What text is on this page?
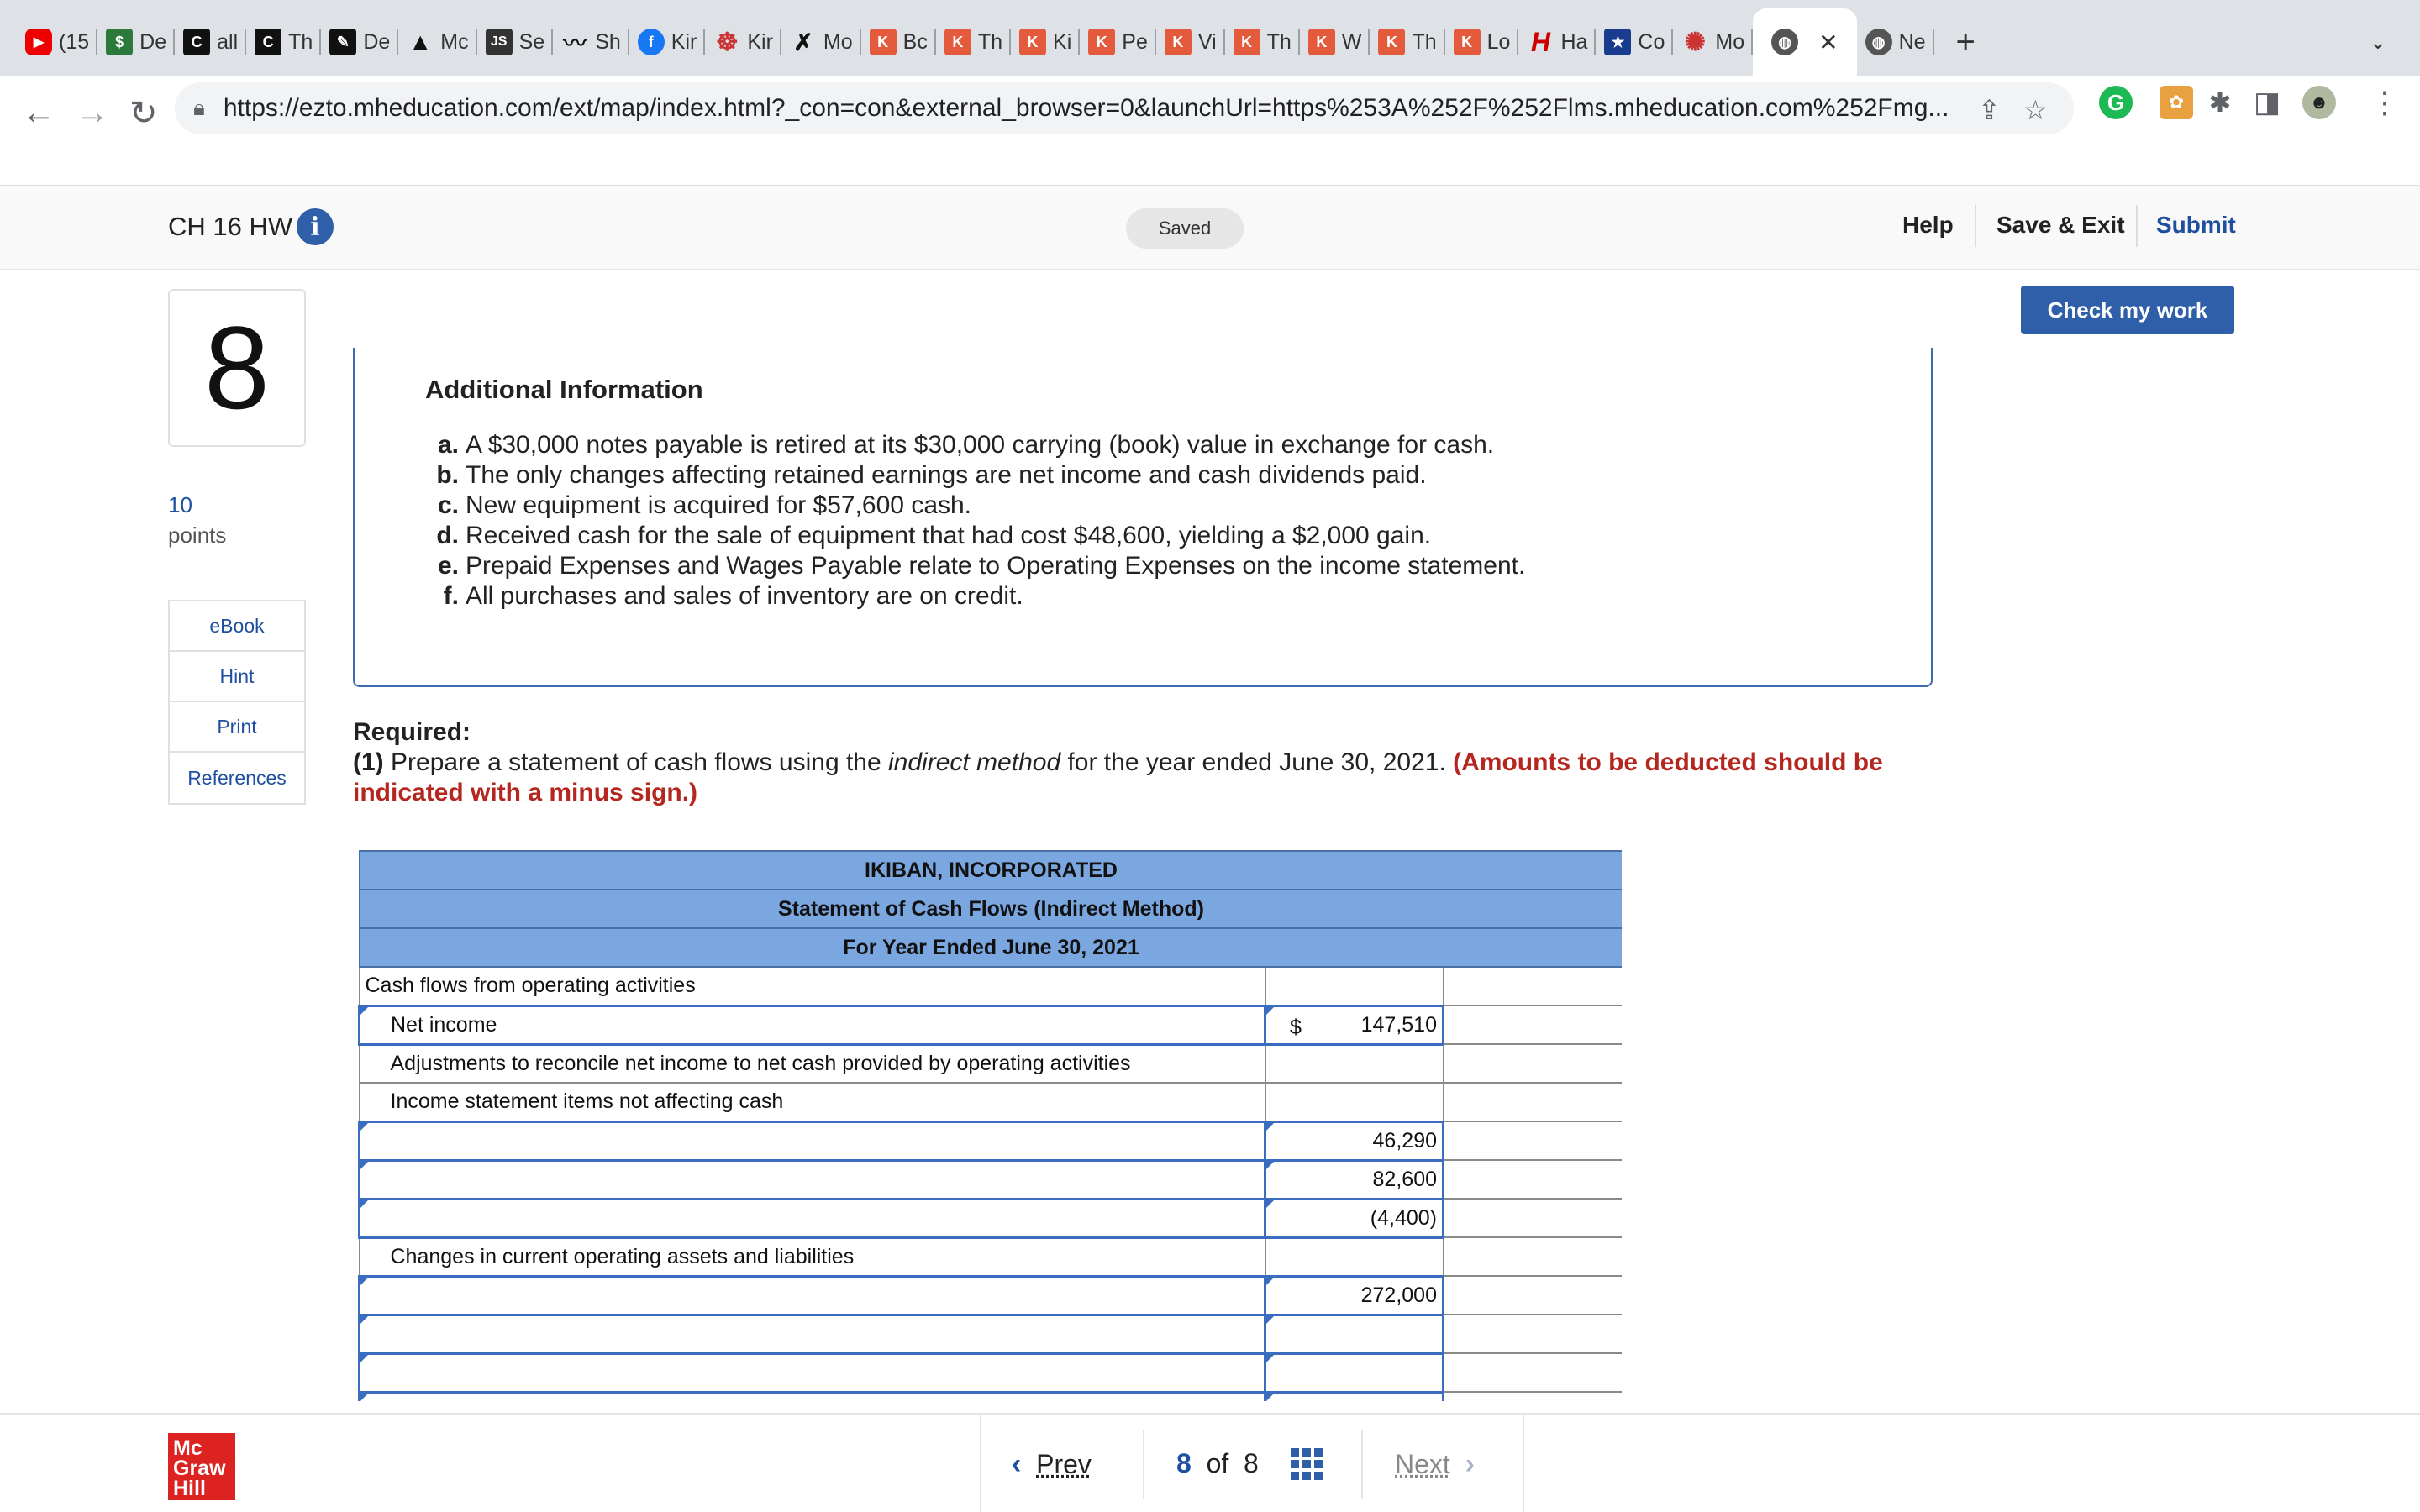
▶ (15	$ De	C all	C Th	✎ De ▲ Mc	JS Se 〰 Sh	f Kir ☸ Kir ✗ Mo	K Bc	K Th	K Ki	K Pe	K Vi	K Th	K W	K Th	K Lo H Ha	★ Co ✺ Mo	◍ ✕	◍ Ne +	⌄
← → ↻ 🔒︎ https://ezto.mheducation.com/ext/map/index.html?_con=con&external_browser=0&launchUrl=https%253A%252F%252Flms.mheducation.com%252Fmg...	⇪ ☆	G	✿ ✱ ◨	☻ ⋮
CH 16 HW i	Saved	Help Save & Exit Submit
8
10
points
eBook
Hint
Print
References
Check my work
Additional Information
a. A $30,000 notes payable is retired at its $30,000 carrying (book) value in exchange for cash.
b. The only changes affecting retained earnings are net income and cash dividends paid.
c. New equipment is acquired for $57,600 cash.
d. Received cash for the sale of equipment that had cost $48,600, yielding a $2,000 gain.
e. Prepaid Expenses and Wages Payable relate to Operating Expenses on the income statement.
f. All purchases and sales of inventory are on credit.
Required:
(1) Prepare a statement of cash flows using the indirect method for the year ended June 30, 2021. (Amounts to be deducted should be indicated with a minus sign.)
IKIBAN, INCORPORATED		
Statement of Cash Flows (Indirect Method)		
For Year Ended June 30, 2021		
Cash flows from operating activities		
Net income	$ 147,510	
Adjustments to reconcile net income to net cash provided by operating activities		
Income statement items not affecting cash		
	46,290	
	82,600	
	(4,400)	
Changes in current operating assets and liabilities		
	272,000	

Mc
Graw
Hill
‹ Prev	8 of 8	Next ›
